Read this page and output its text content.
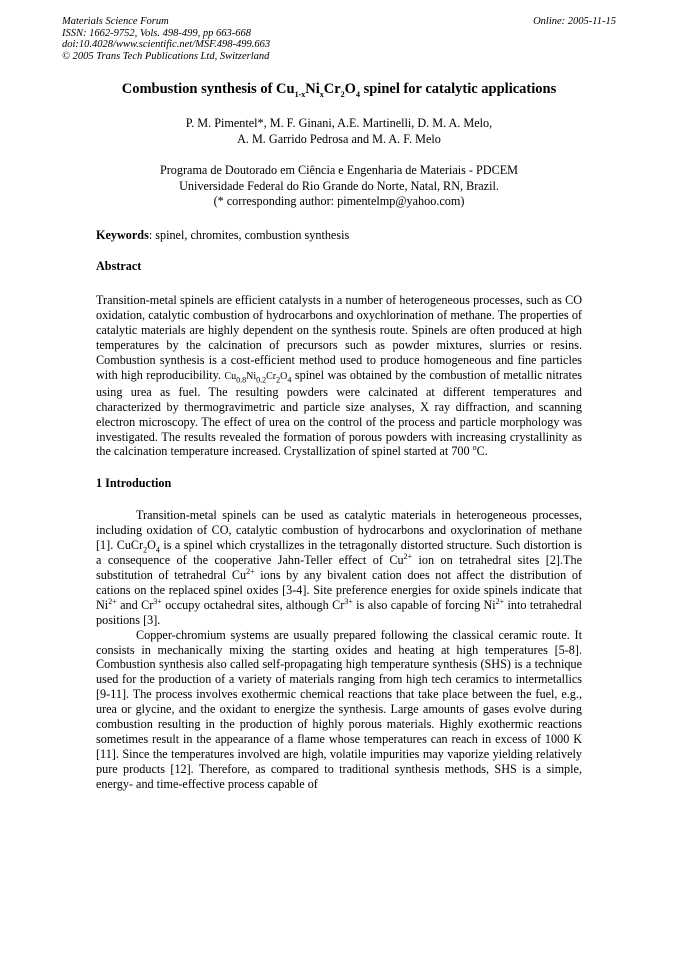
Materials Science Forum
ISSN: 1662-9752, Vols. 498-499, pp 663-668
doi:10.4028/www.scientific.net/MSF.498-499.663
© 2005 Trans Tech Publications Ltd, Switzerland
Online: 2005-11-15
Combustion synthesis of $Cu_{1-x}Ni_xCr_2O_4$ spinel for catalytic applications
P. M. Pimentel*, M. F. Ginani, A.E. Martinelli, D. M. A. Melo,
A. M. Garrido Pedrosa and M. A. F. Melo
Programa de Doutorado em Ciência e Engenharia de Materiais - PDCEM
Universidade Federal do Rio Grande do Norte, Natal, RN, Brazil.
(* corresponding author: pimentelmp@yahoo.com)

Keywords: spinel, chromites, combustion synthesis

Abstract

Transition-metal spinels are efficient catalysts in a number of heterogeneous processes, such as CO oxidation, catalytic combustion of hydrocarbons and oxychlorination of methane. The properties of catalytic materials are highly dependent on the synthesis route. Spinels are often produced at high temperatures by the calcination of precursors such as powder mixtures, slurries or resins. Combustion synthesis is a cost-efficient method used to produce homogeneous and fine particles with high reproducibility. $Cu_{0.8}Ni_{0.2}Cr_2O_4$ spinel was obtained by the combustion of metallic nitrates using urea as fuel. The resulting powders were calcinated at different temperatures and characterized by thermogravimetric and particle size analyses, X ray diffraction, and scanning electron microscopy. The effect of urea on the control of the process and particle morphology was investigated. The results revealed the formation of porous powders with increasing crystallinity as the calcination temperature increased. Crystallization of spinel started at 700 $^o$C.

1 Introduction

Transition-metal spinels can be used as catalytic materials in heterogeneous processes, including oxidation of CO, catalytic combustion of hydrocarbons and oxyclorination of methane [1]. $CuCr_2O_4$ is a spinel which crystallizes in the tetragonally distorted structure. Such distortion is a consequence of the cooperative Jahn-Teller effect of $Cu^{2+}$ ion on tetrahedral sites [2].The substitution of tetrahedral $Cu^{2+}$ ions by any bivalent cation does not affect the distribution of cations on the replaced spinel oxides [3-4]. Site preference energies for oxide spinels indicate that $Ni^{2+}$ and $Cr^{3+}$ occupy octahedral sites, although $Cr^{3+}$ is also capable of forcing $Ni^{2+}$ into tetrahedral positions [3].

Copper-chromium systems are usually prepared following the classical ceramic route. It consists in mechanically mixing the starting oxides and heating at high temperatures [5-8]. Combustion synthesis also called self-propagating high temperature synthesis (SHS) is a technique used for the production of a variety of materials ranging from high tech ceramics to intermetallics [9-11]. The process involves exothermic chemical reactions that take place between the fuel, e.g., urea or glycine, and the oxidant to energize the synthesis. Large amounts of gases evolve during combustion resulting in the production of highly porous materials. Highly exothermic reactions sometimes result in the appearance of a flame whose temperatures can reach in excess of 1000 K [11]. Since the temperatures involved are high, volatile impurities may vaporize yielding relatively pure products [12]. Therefore, as compared to traditional synthesis methods, SHS is a simple, energy- and time-effective process capable of
